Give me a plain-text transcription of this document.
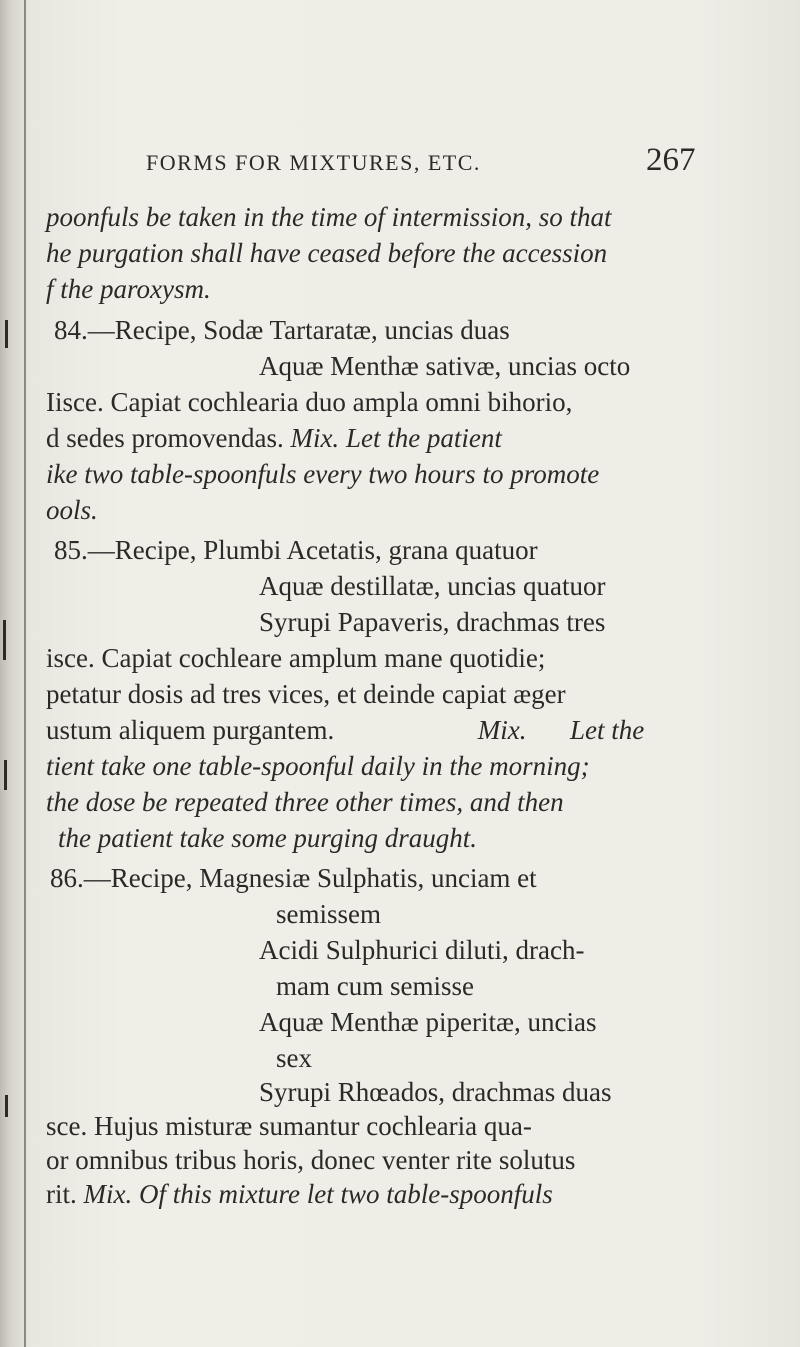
FORMS FOR MIXTURES, ETC.	267
poonfuls be taken in the time of intermission, so that
he purgation shall have ceased before the accession
f the paroxysm.
84.—Recipe, Sodæ Tartaratæ, uncias duas
Aquæ Menthæ sativæ, uncias octo
Iisce. Capiat cochlearia duo ampla omni bihorio,
d sedes promovendas. Mix. Let the patient
ike two table-spoonfuls every two hours to promote
ools.
85.—Recipe, Plumbi Acetatis, grana quatuor
Aquæ destillatæ, uncias quatuor
Syrupi Papaveris, drachmas tres
isce. Capiat cochleare amplum mane quotidie;
petatur dosis ad tres vices, et deinde capiat æger
ustum aliquem purgantem.	Mix. Let the
tient take one table-spoonful daily in the morning;
the dose be repeated three other times, and then
the patient take some purging draught.
86.—Recipe, Magnesiæ Sulphatis, unciam et
semissem
Acidi Sulphurici diluti, drach-
mam cum semisse
Aquæ Menthæ piperitæ, uncias
sex
Syrupi Rhœados, drachmas duas
sce. Hujus misturæ sumantur cochlearia qua-
or omnibus tribus horis, donec venter rite solutus
rit. Mix. Of this mixture let two table-spoonfuls
